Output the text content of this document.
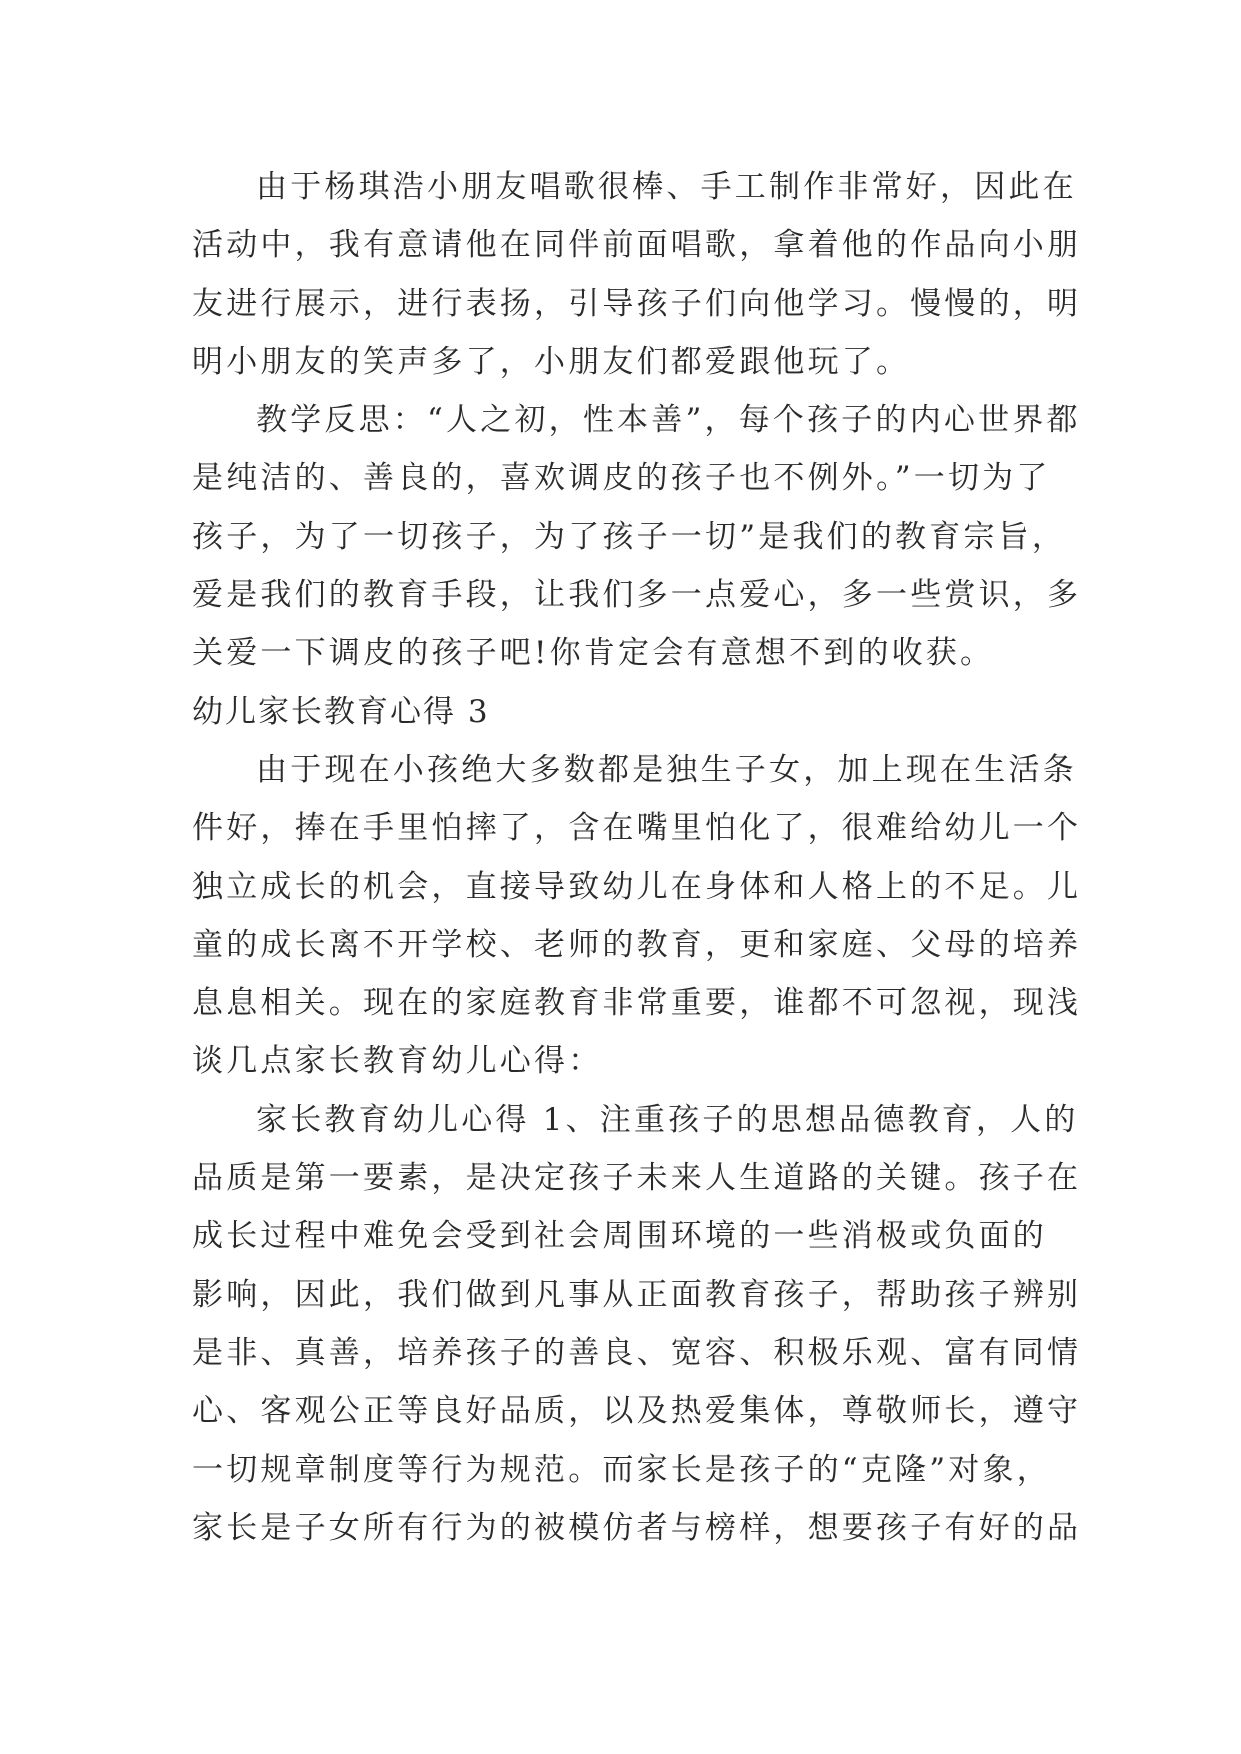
由于杨琪浩小朋友唱歌很棒、手工制作非常好，因此在
活动中，我有意请他在同伴前面唱歌，拿着他的作品向小朋
友进行展示，进行表扬，引导孩子们向他学习。慢慢的，明
明小朋友的笑声多了，小朋友们都爱跟他玩了。
教学反思：“人之初，性本善”，每个孩子的内心世界都
是纯洁的、善良的，喜欢调皮的孩子也不例外。”一切为了
孩子，为了一切孩子，为了孩子一切”是我们的教育宗旨，
爱是我们的教育手段，让我们多一点爱心，多一些赏识，多
关爱一下调皮的孩子吧!你肯定会有意想不到的收获。
幼儿家长教育心得 3
由于现在小孩绝大多数都是独生子女，加上现在生活条
件好，捧在手里怕摔了，含在嘴里怕化了，很难给幼儿一个
独立成长的机会，直接导致幼儿在身体和人格上的不足。儿
童的成长离不开学校、老师的教育，更和家庭、父母的培养
息息相关。现在的家庭教育非常重要，谁都不可忽视，现浅
谈几点家长教育幼儿心得：
家长教育幼儿心得 1、注重孩子的思想品德教育，人的
品质是第一要素，是决定孩子未来人生道路的关键。孩子在
成长过程中难免会受到社会周围环境的一些消极或负面的
影响，因此，我们做到凡事从正面教育孩子，帮助孩子辨别
是非、真善，培养孩子的善良、宽容、积极乐观、富有同情
心、客观公正等良好品质，以及热爱集体，尊敬师长，遵守
一切规章制度等行为规范。而家长是孩子的“克隆”对象，
家长是子女所有行为的被模仿者与榜样，想要孩子有好的品
